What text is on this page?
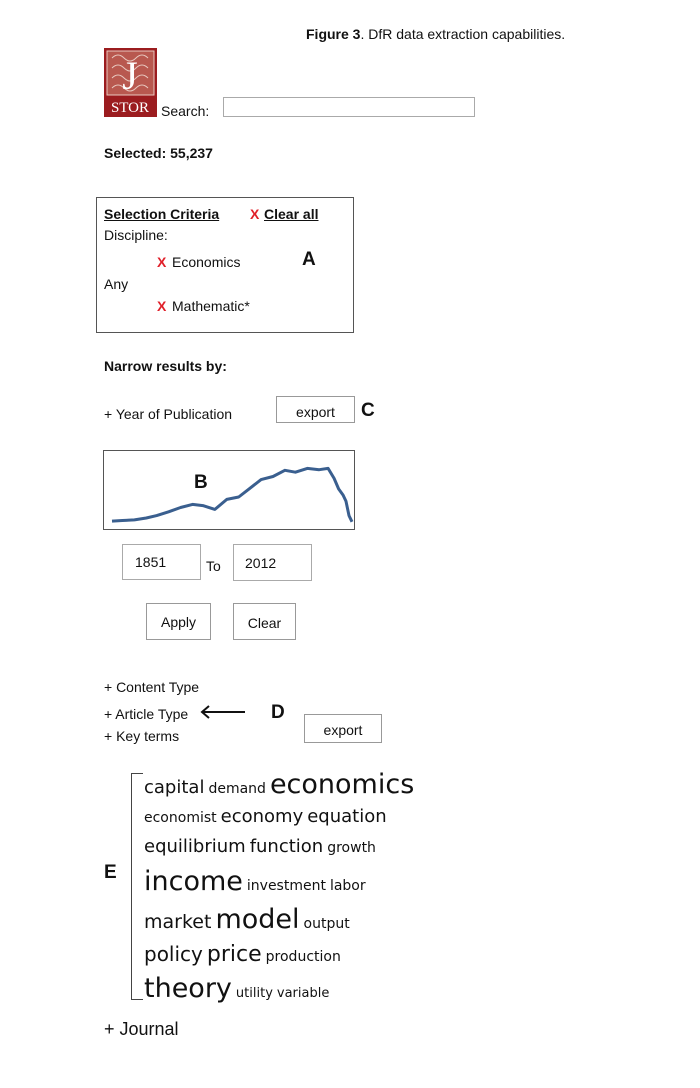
Figure 3. DfR data extraction capabilities.
J
STOR Search:
Selected: 55,237
Selection Criteria X Clear all
Discipline:
X Economics	A
Any
X Mathematic*
Narrow results by:
+ Year of Publication	export	C
B
1851	To	2012
Apply	Clear
+ Content Type
+ Article Type	D
+ Key terms	export
E
capital demand economics
economist economy equation
equilibrium function growth
income investment labor
market model output
policy price production
theory utility variable
+ Journal
